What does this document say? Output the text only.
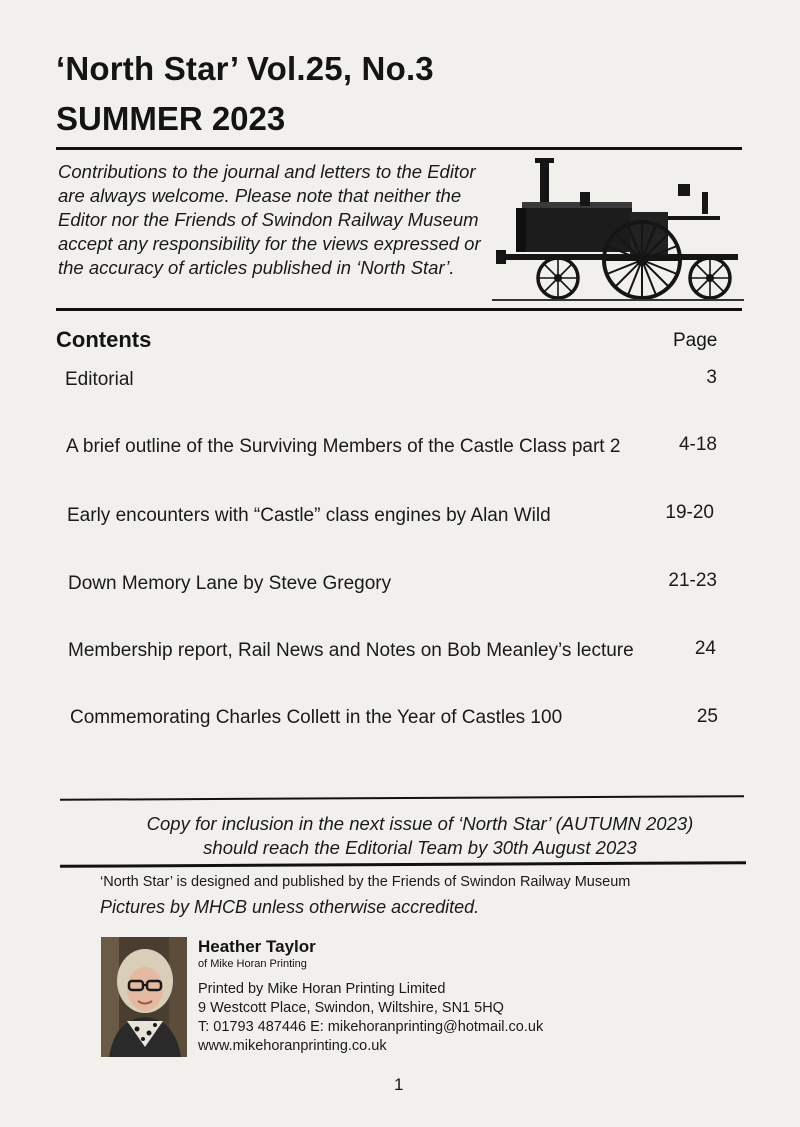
‘North Star’ Vol.25, No.3
SUMMER 2023
Contributions to the journal and letters to the Editor are always welcome. Please note that neither the Editor nor the Friends of Swindon Railway Museum accept any responsibility for the views expressed or the accuracy of articles published in ‘North Star’.
Contents	Page
Editorial	3
A brief outline of the Surviving Members of the Castle Class part 2	4-18
Early encounters with “Castle” class engines by Alan Wild	19-20
Down Memory Lane by Steve Gregory	21-23
Membership report, Rail News and Notes on Bob Meanley’s lecture	24
Commemorating Charles Collett in the Year of Castles 100	25
Copy for inclusion in the next issue of ‘North Star’ (AUTUMN 2023)
should reach the Editorial Team by 30th August 2023
‘North Star’ is designed and published by the Friends of Swindon Railway Museum
Pictures by MHCB unless otherwise accredited.
Heather Taylor
of Mike Horan Printing
Printed by Mike Horan Printing Limited
9 Westcott Place, Swindon, Wiltshire, SN1 5HQ
T: 01793 487446 E: mikehoranprinting@hotmail.co.uk
www.mikehoranprinting.co.uk
1
